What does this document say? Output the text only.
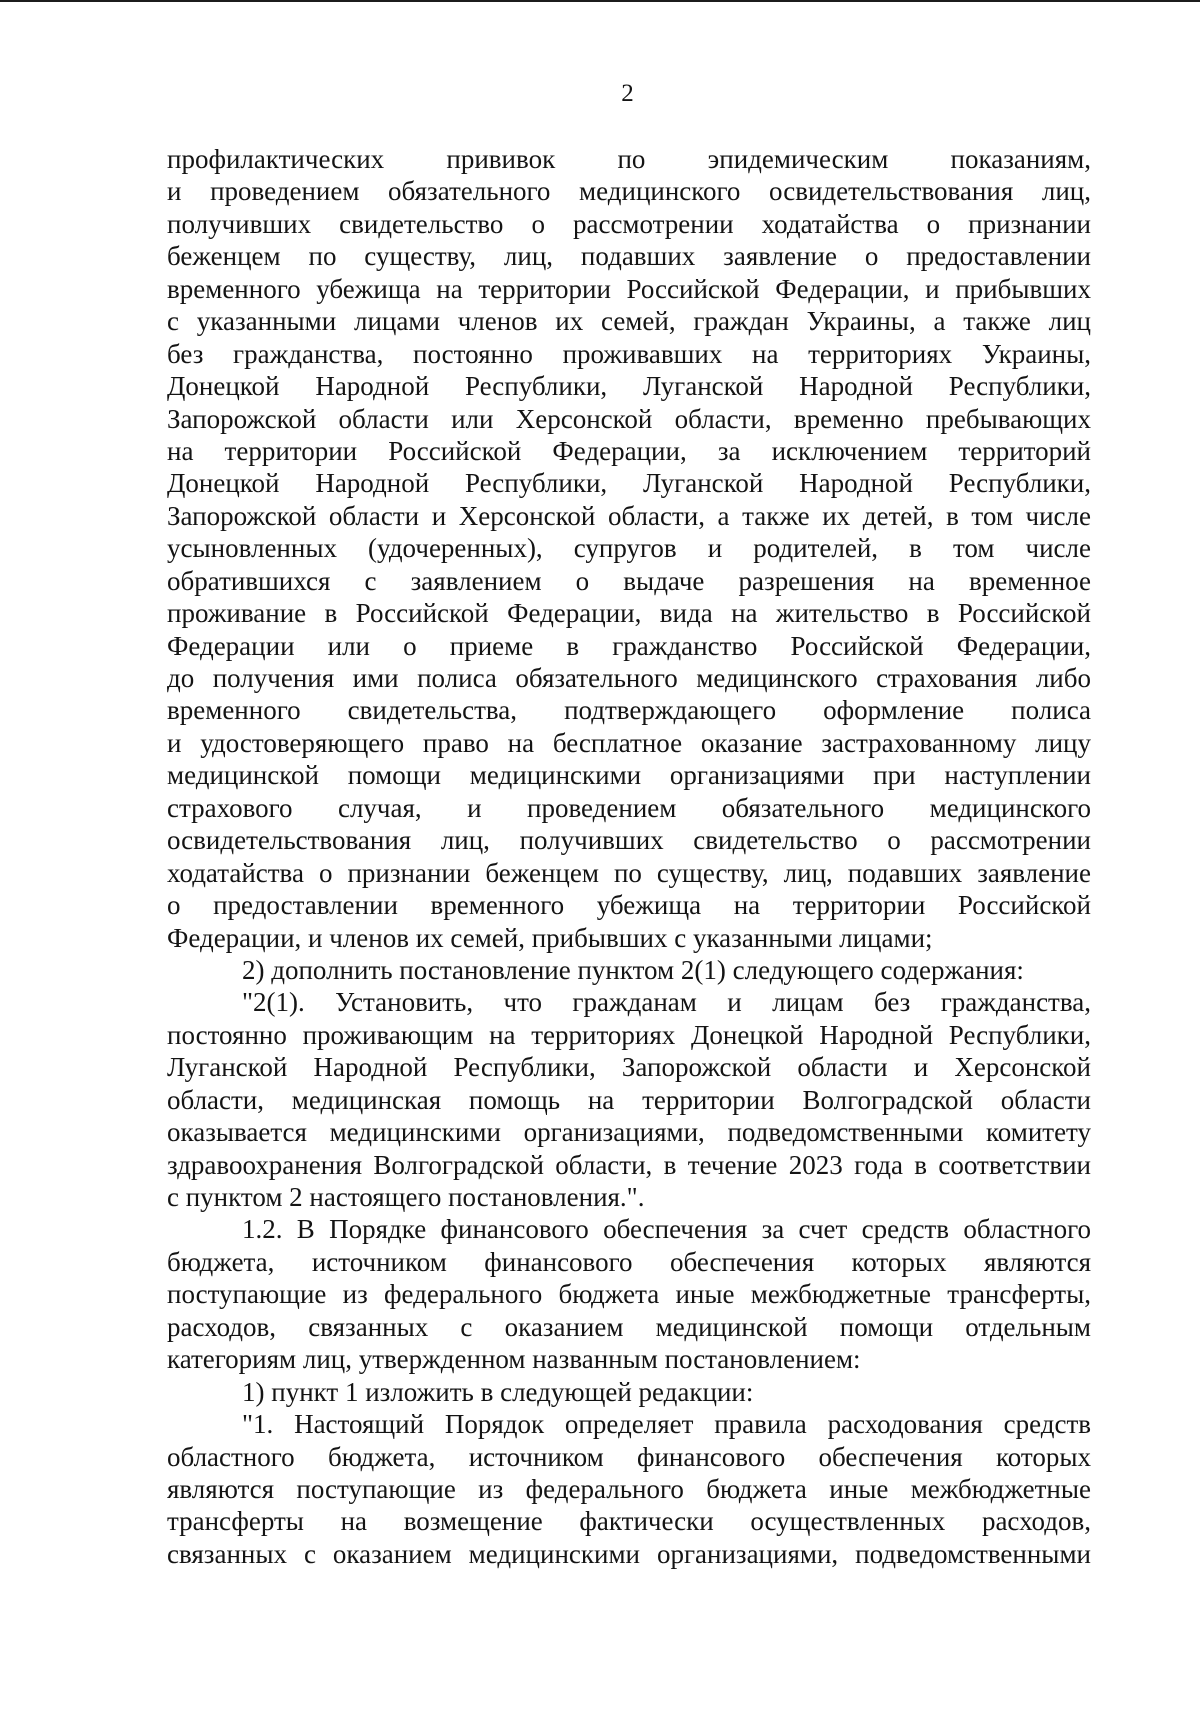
2
профилактических прививок по эпидемическим показаниям,
и проведением обязательного медицинского освидетельствования лиц,
получивших свидетельство о рассмотрении ходатайства о признании
беженцем по существу, лиц, подавших заявление о предоставлении
временного убежища на территории Российской Федерации, и прибывших
с указанными лицами членов их семей, граждан Украины, а также лиц
без гражданства, постоянно проживавших на территориях Украины,
Донецкой Народной Республики, Луганской Народной Республики,
Запорожской области или Херсонской области, временно пребывающих
на территории Российской Федерации, за исключением территорий
Донецкой Народной Республики, Луганской Народной Республики,
Запорожской области и Херсонской области, а также их детей, в том числе
усыновленных (удочеренных), супругов и родителей, в том числе
обратившихся с заявлением о выдаче разрешения на временное
проживание в Российской Федерации, вида на жительство в Российской
Федерации или о приеме в гражданство Российской Федерации,
до получения ими полиса обязательного медицинского страхования либо
временного свидетельства, подтверждающего оформление полиса
и удостоверяющего право на бесплатное оказание застрахованному лицу
медицинской помощи медицинскими организациями при наступлении
страхового случая, и проведением обязательного медицинского
освидетельствования лиц, получивших свидетельство о рассмотрении
ходатайства о признании беженцем по существу, лиц, подавших заявление
о предоставлении временного убежища на территории Российской
Федерации, и членов их семей, прибывших с указанными лицами;
2) дополнить постановление пунктом 2(1) следующего содержания:
"2(1). Установить, что гражданам и лицам без гражданства,
постоянно проживающим на территориях Донецкой Народной Республики,
Луганской Народной Республики, Запорожской области и Херсонской
области, медицинская помощь на территории Волгоградской области
оказывается медицинскими организациями, подведомственными комитету
здравоохранения Волгоградской области, в течение 2023 года в соответствии
с пунктом 2 настоящего постановления.".
1.2. В Порядке финансового обеспечения за счет средств областного
бюджета, источником финансового обеспечения которых являются
поступающие из федерального бюджета иные межбюджетные трансферты,
расходов, связанных с оказанием медицинской помощи отдельным
категориям лиц, утвержденном названным постановлением:
1) пункт 1 изложить в следующей редакции:
"1. Настоящий Порядок определяет правила расходования средств
областного бюджета, источником финансового обеспечения которых
являются поступающие из федерального бюджета иные межбюджетные
трансферты на возмещение фактически осуществленных расходов,
связанных с оказанием медицинскими организациями, подведомственными
